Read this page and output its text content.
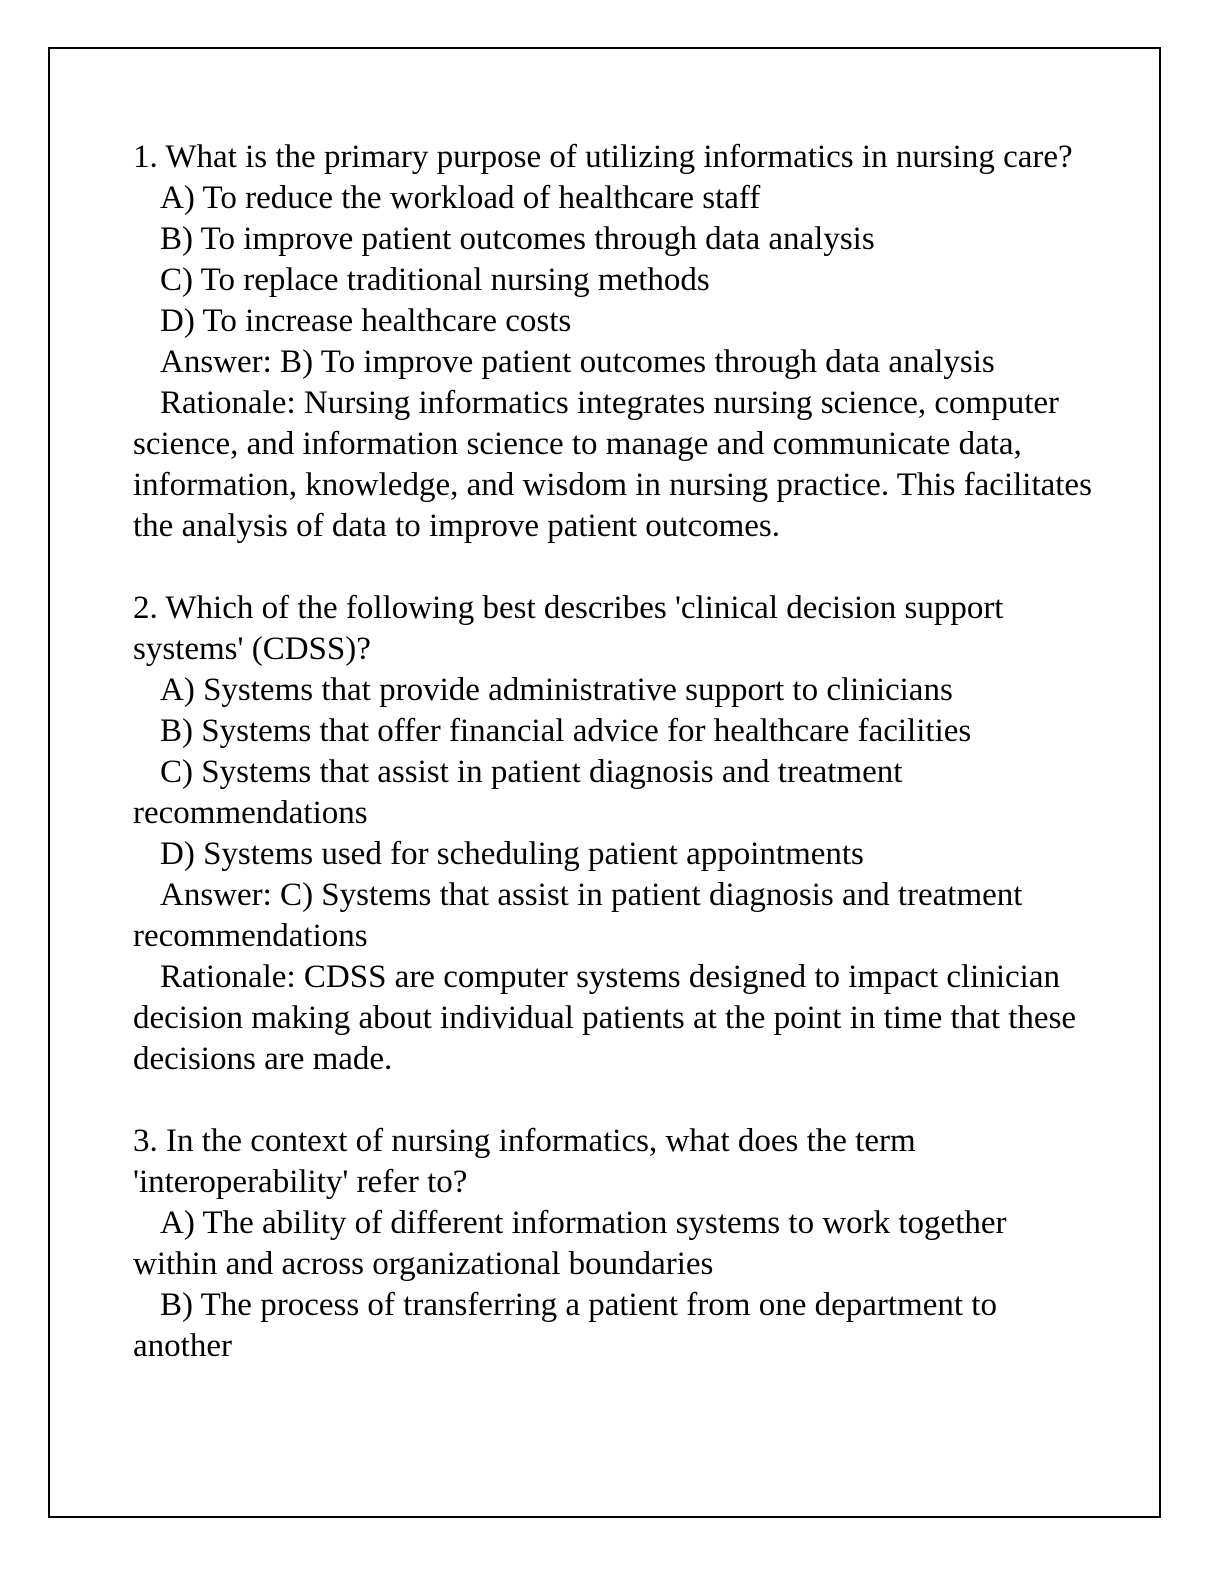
1. What is the primary purpose of utilizing informatics in nursing care?

A) To reduce the workload of healthcare staff

B) To improve patient outcomes through data analysis

C) To replace traditional nursing methods

D) To increase healthcare costs

Answer: B) To improve patient outcomes through data analysis

Rationale: Nursing informatics integrates nursing science, computer science, and information science to manage and communicate data, information, knowledge, and wisdom in nursing practice. This facilitates the analysis of data to improve patient outcomes.

2. Which of the following best describes 'clinical decision support systems' (CDSS)?

A) Systems that provide administrative support to clinicians

B) Systems that offer financial advice for healthcare facilities

C) Systems that assist in patient diagnosis and treatment recommendations

D) Systems used for scheduling patient appointments

Answer: C) Systems that assist in patient diagnosis and treatment recommendations

Rationale: CDSS are computer systems designed to impact clinician decision making about individual patients at the point in time that these decisions are made.

3. In the context of nursing informatics, what does the term 'interoperability' refer to?

A) The ability of different information systems to work together within and across organizational boundaries

B) The process of transferring a patient from one department to another
